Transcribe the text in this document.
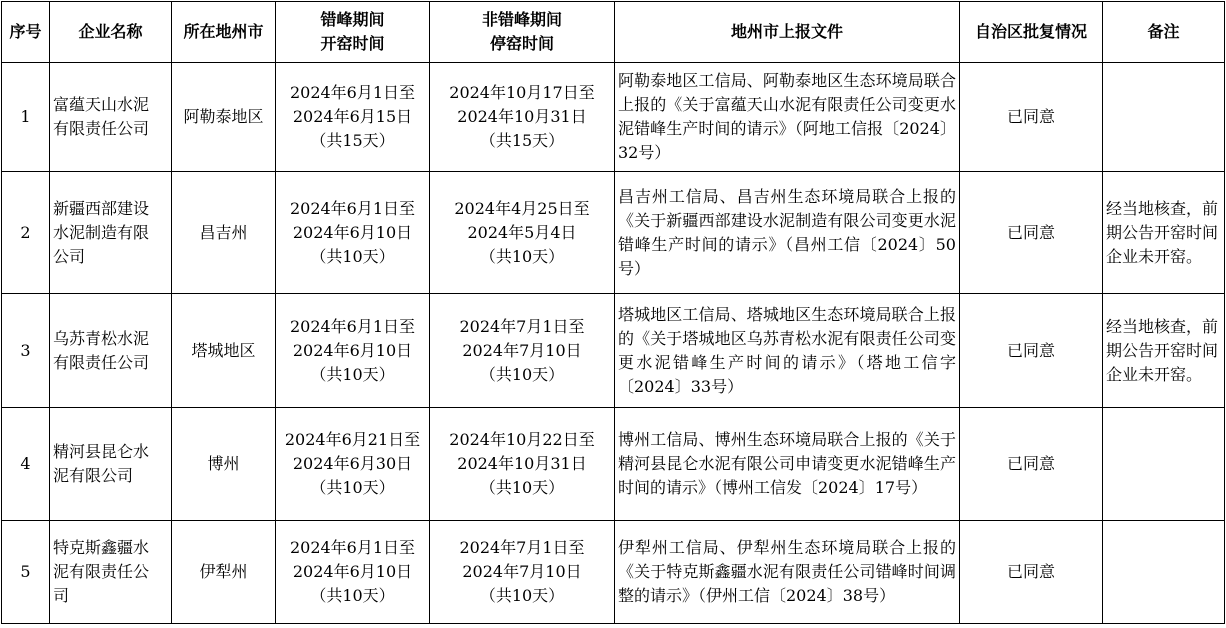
序号	企业名称	所在地州市	错峰期间
开窑时间	非错峰期间
停窑时间	地州市上报文件	自治区批复情况	备注
1	富蕴天山水泥
有限责任公司	阿勒泰地区	2024年6月1日至
2024年6月15日
（共15天）	2024年10月17日至
2024年10月31日
（共15天）	阿勒泰地区工信局、阿勒泰地区生态环境局联合上报的《关于富蕴天山水泥有限责任公司变更水泥错峰生产时间的请示》（阿地工信报〔2024〕32号）	已同意	
2	新疆西部建设
水泥制造有限
公司	昌吉州	2024年6月1日至
2024年6月10日
（共10天）	2024年4月25日至
2024年5月4日
（共10天）	昌吉州工信局、昌吉州生态环境局联合上报的《关于新疆西部建设水泥制造有限公司变更水泥错峰生产时间的请示》（昌州工信〔2024〕50号）	已同意	经当地核查，前期公告开窑时间企业未开窑。
3	乌苏青松水泥
有限责任公司	塔城地区	2024年6月1日至
2024年6月10日
（共10天）	2024年7月1日至
2024年7月10日
（共10天）	塔城地区工信局、塔城地区生态环境局联合上报的《关于塔城地区乌苏青松水泥有限责任公司变更水泥错峰生产时间的请示》（塔地工信字〔2024〕33号）	已同意	经当地核查，前期公告开窑时间企业未开窑。
4	精河县昆仑水
泥有限公司	博州	2024年6月21日至
2024年6月30日
（共10天）	2024年10月22日至
2024年10月31日
（共10天）	博州工信局、博州生态环境局联合上报的《关于精河县昆仑水泥有限公司申请变更水泥错峰生产时间的请示》（博州工信发〔2024〕17号）	已同意	
5	特克斯鑫疆水
泥有限责任公
司	伊犁州	2024年6月1日至
2024年6月10日
（共10天）	2024年7月1日至
2024年7月10日
（共10天）	伊犁州工信局、伊犁州生态环境局联合上报的《关于特克斯鑫疆水泥有限责任公司错峰时间调整的请示》（伊州工信〔2024〕38号）	已同意	
